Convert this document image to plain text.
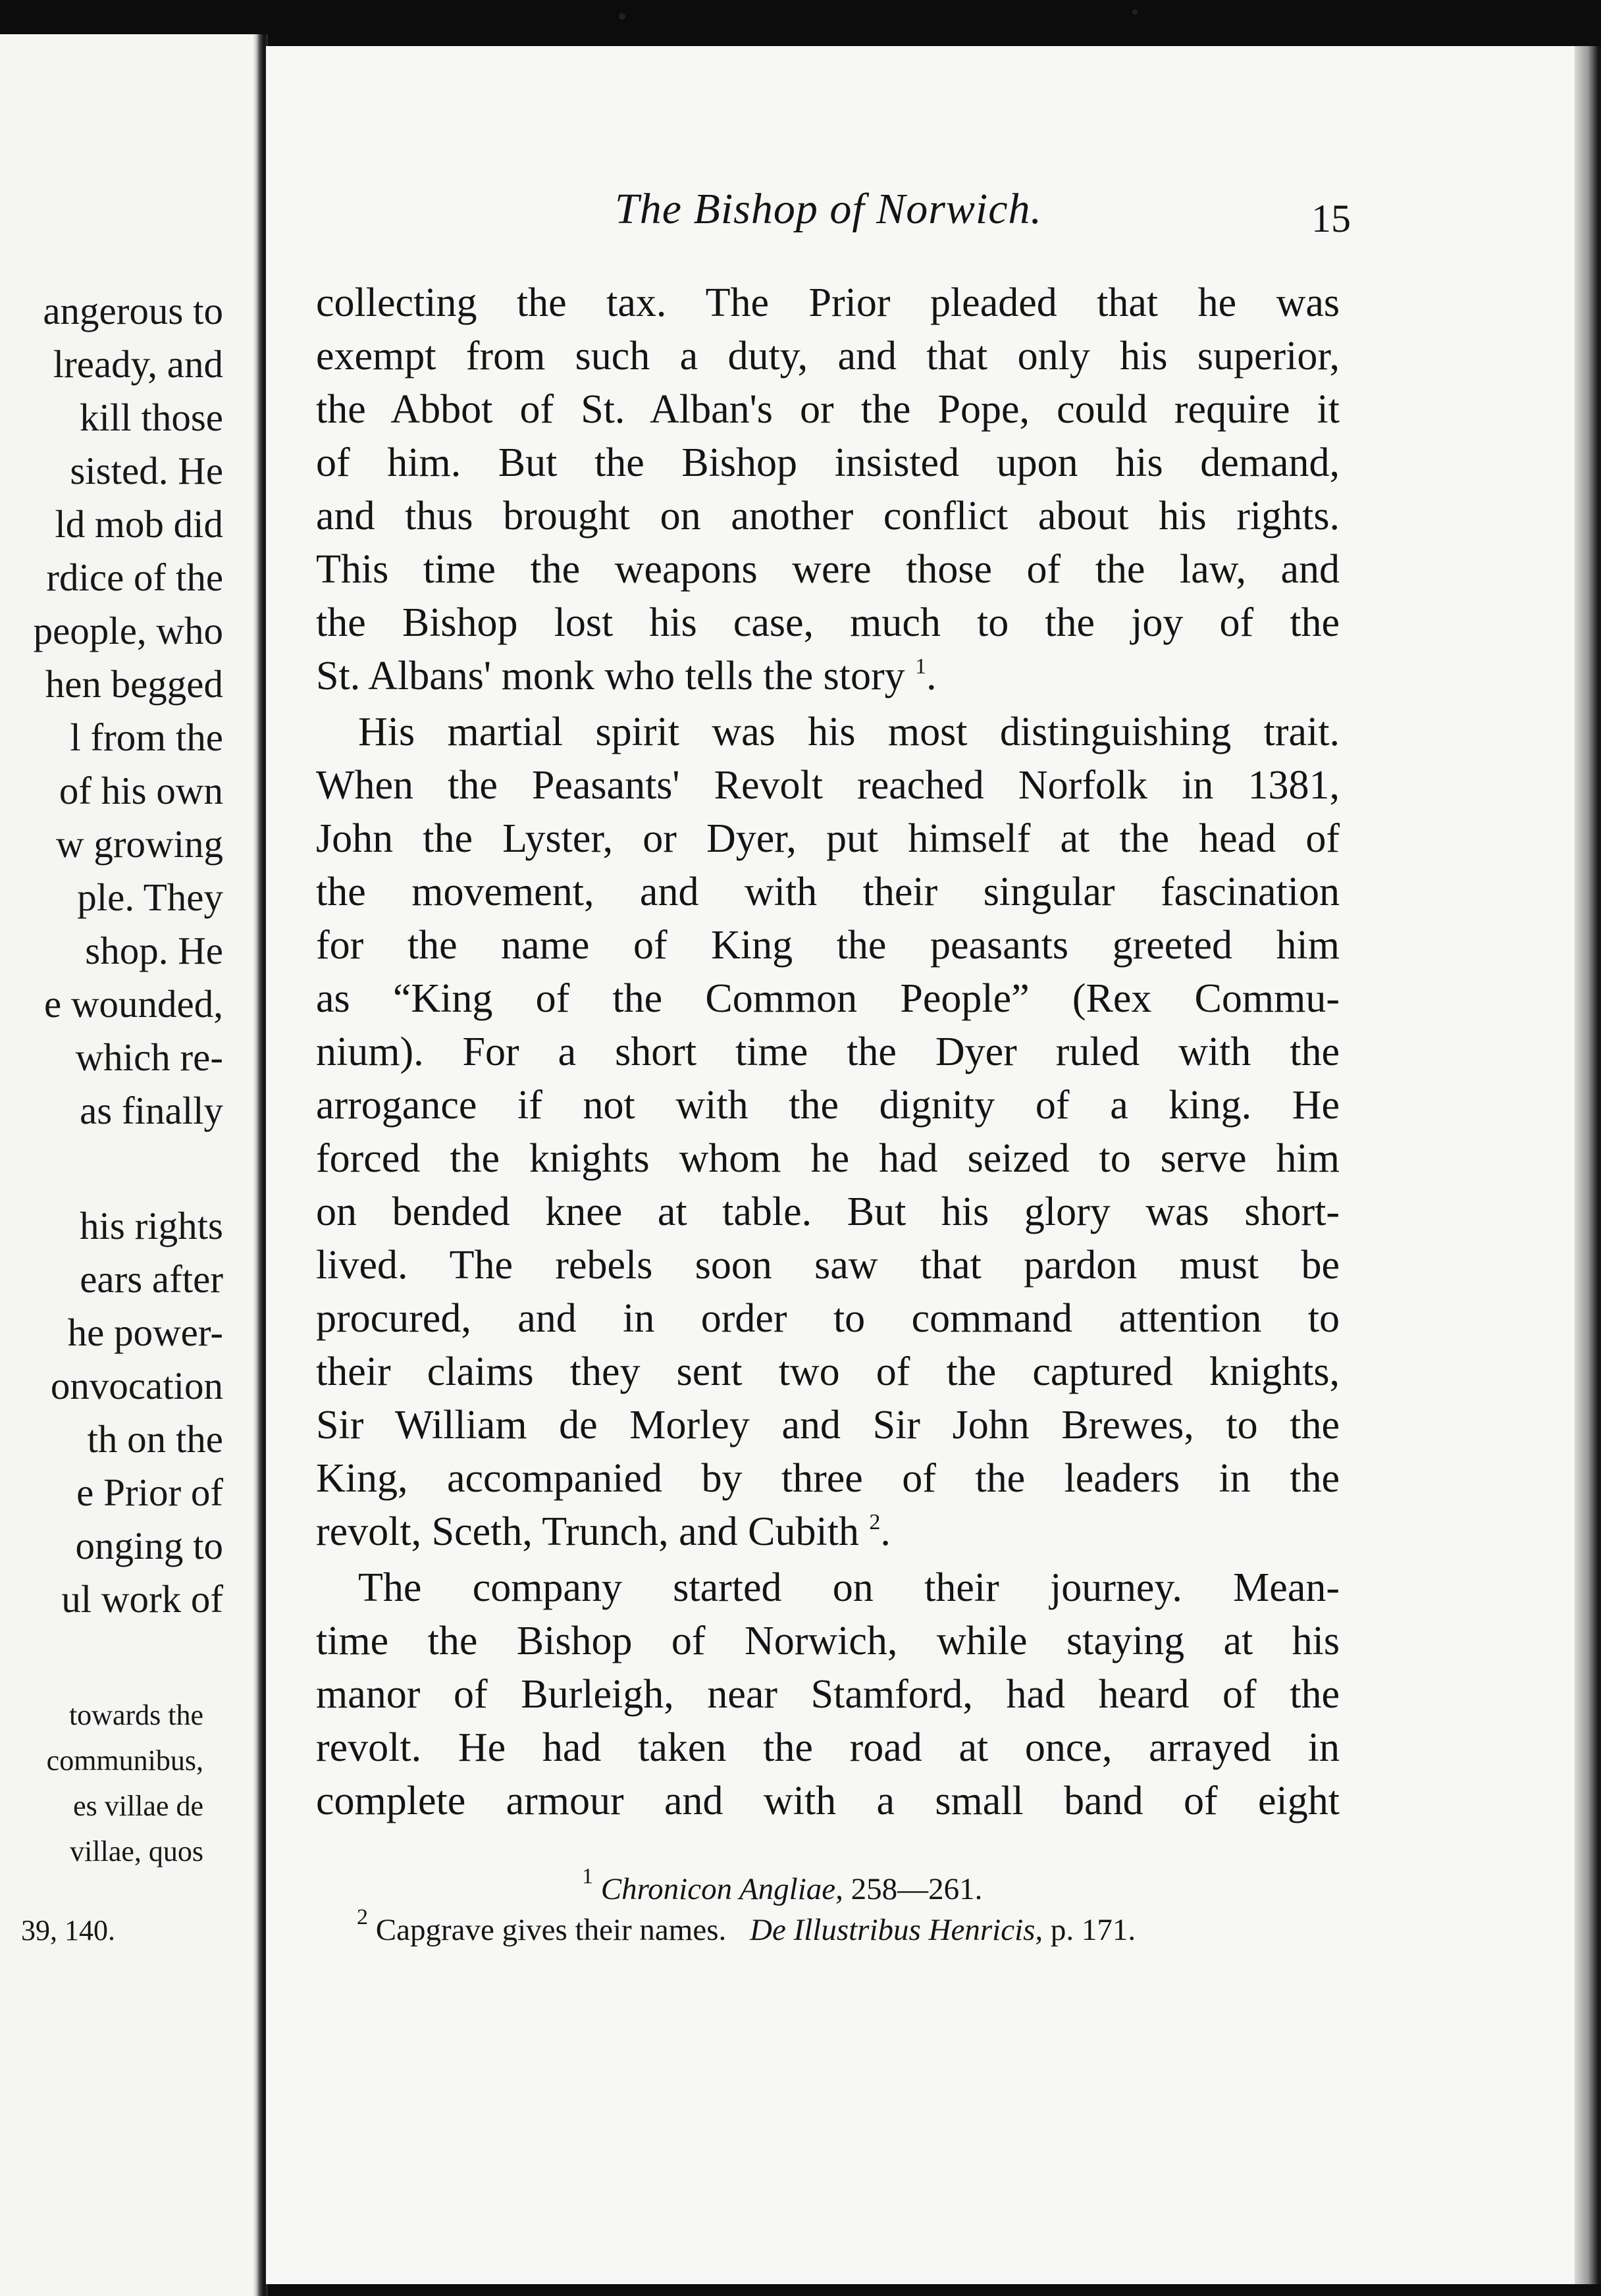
angerous to
lready, and
kill those
sisted. He
ld mob did
rdice of the
people, who
hen begged
l from the
of his own
w growing
ple. They
shop. He
e wounded,
which re-
as finally
his rights
ears after
he power-
onvocation
th on the
e Prior of
onging to
ul work of
towards the
communibus,
es villae de
villae, quos
39, 140.
The Bishop of Norwich.	15
collecting the tax. The Prior pleaded that he was
exempt from such a duty, and that only his superior,
the Abbot of St. Alban's or the Pope, could require it
of him. But the Bishop insisted upon his demand,
and thus brought on another conflict about his rights.
This time the weapons were those of the law, and
the Bishop lost his case, much to the joy of the
St. Albans' monk who tells the story $^1$.
His martial spirit was his most distinguishing trait.
When the Peasants' Revolt reached Norfolk in 1381,
John the Lyster, or Dyer, put himself at the head of
the movement, and with their singular fascination
for the name of King the peasants greeted him
as “King of the Common People” (Rex Commu-
nium). For a short time the Dyer ruled with the
arrogance if not with the dignity of a king. He
forced the knights whom he had seized to serve him
on bended knee at table. But his glory was short-
lived. The rebels soon saw that pardon must be
procured, and in order to command attention to
their claims they sent two of the captured knights,
Sir William de Morley and Sir John Brewes, to the
King, accompanied by three of the leaders in the
revolt, Sceth, Trunch, and Cubith $^2$.
The company started on their journey. Mean-
time the Bishop of Norwich, while staying at his
manor of Burleigh, near Stamford, had heard of the
revolt. He had taken the road at once, arrayed in
complete armour and with a small band of eight
$^1$ Chronicon Angliae, 258—261.
$^2$ Capgrave gives their names. De Illustribus Henricis, p. 171.
